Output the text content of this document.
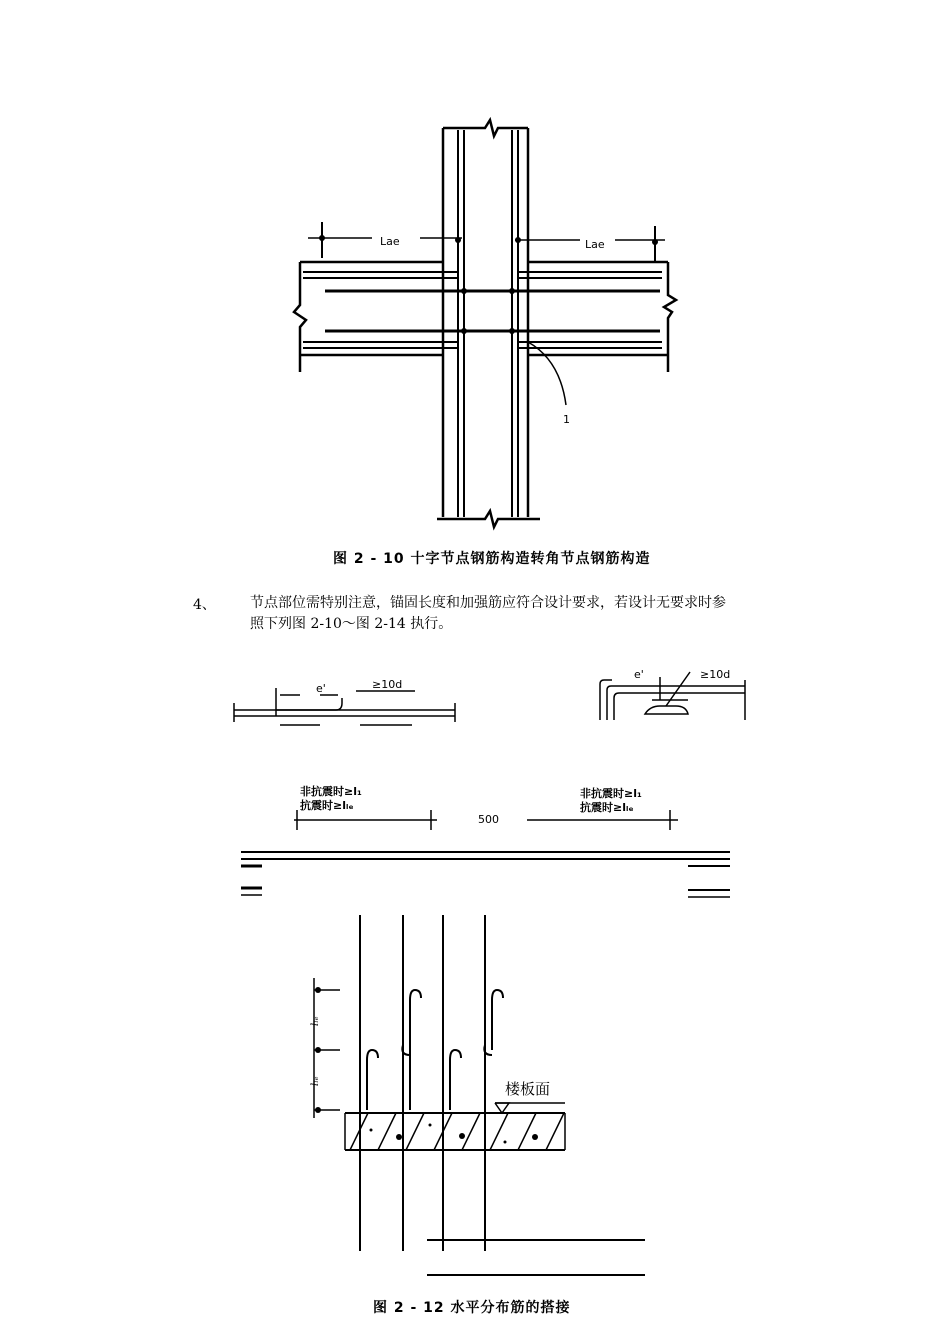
Lae	Lae
1
图 2 - 10 十字节点钢筋构造转角节点钢筋构造
4、 节点部位需特别注意，锚固长度和加强筋应符合设计要求，若设计无要求时参
照下列图 2-10～图 2-14 执行。
e'	≥10d
e'	≥10d
非抗震时≥l₁
抗震时≥lₗₑ
500
非抗震时≥l₁
抗震时≥lₗₑ
lₗₑ
lₗₑ	楼板面
图 2 - 12 水平分布筋的搭接
